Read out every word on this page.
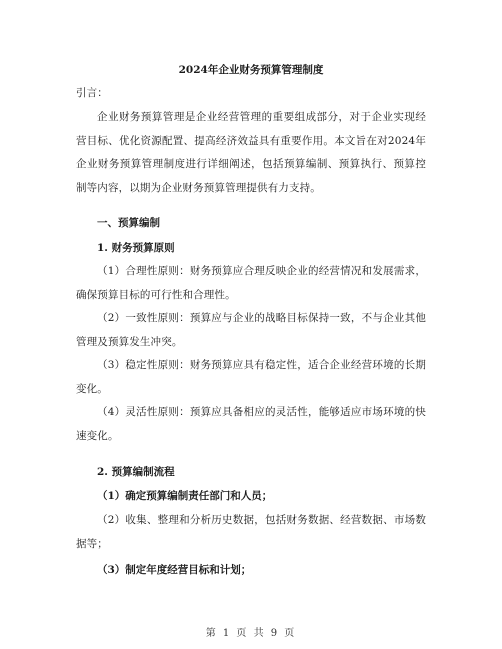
2024年企业财务预算管理制度

引言：

企业财务预算管理是企业经营管理的重要组成部分，对于企业实现经营目标、优化资源配置、提高经济效益具有重要作用。本文旨在对2024年企业财务预算管理制度进行详细阐述，包括预算编制、预算执行、预算控制等内容，以期为企业财务预算管理提供有力支持。

一、预算编制
1. 财务预算原则

（1）合理性原则：财务预算应合理反映企业的经营情况和发展需求，确保预算目标的可行性和合理性。

（2）一致性原则：预算应与企业的战略目标保持一致，不与企业其他管理及预算发生冲突。

（3）稳定性原则：财务预算应具有稳定性，适合企业经营环境的长期变化。

（4）灵活性原则：预算应具备相应的灵活性，能够适应市场环境的快速变化。

2. 预算编制流程
（1）确定预算编制责任部门和人员；

（2）收集、整理和分析历史数据，包括财务数据、经营数据、市场数据等；

（3）制定年度经营目标和计划；
第 1 页 共 9 页
